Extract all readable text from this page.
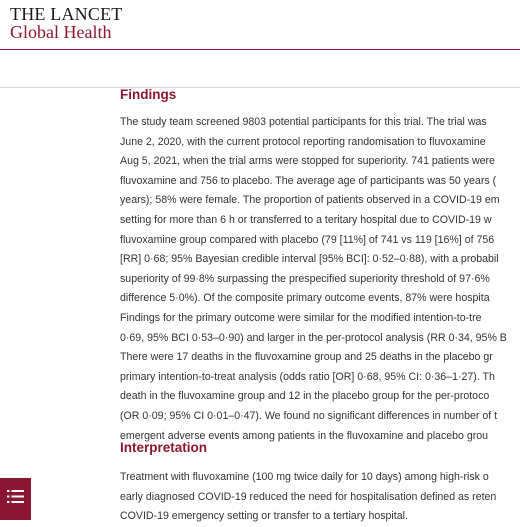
THE LANCET
Global Health
Findings

The study team screened 9803 potential participants for this trial. The trial was
June 2, 2020, with the current protocol reporting randomisation to fluvoxamine
Aug 5, 2021, when the trial arms were stopped for superiority. 741 patients were
fluvoxamine and 756 to placebo. The average age of participants was 50 years (
years); 58% were female. The proportion of patients observed in a COVID-19 em
setting for more than 6 h or transferred to a teritary hospital due to COVID-19 w
fluvoxamine group compared with placebo (79 [11%] of 741 vs 119 [16%] of 756
[RR] 0·68; 95% Bayesian credible interval [95% BCI]: 0·52–0·88), with a probabil
superiority of 99·8% surpassing the prespecified superiority threshold of 97·6%
difference 5·0%). Of the composite primary outcome events, 87% were hospita
Findings for the primary outcome were similar for the modified intention-to-tre
0·69, 95% BCI 0·53–0·90) and larger in the per-protocol analysis (RR 0·34, 95% B
There were 17 deaths in the fluvoxamine group and 25 deaths in the placebo gr
primary intention-to-treat analysis (odds ratio [OR] 0·68, 95% CI: 0·36–1·27). Th
death in the fluvoxamine group and 12 in the placebo group for the per-protoco
(OR 0·09; 95% CI 0·01–0·47). We found no significant differences in number of t
emergent adverse events among patients in the fluvoxamine and placebo grou

Interpretation

Treatment with fluvoxamine (100 mg twice daily for 10 days) among high-risk o
early diagnosed COVID-19 reduced the need for hospitalisation defined as reten
COVID-19 emergency setting or transfer to a tertiary hospital.
